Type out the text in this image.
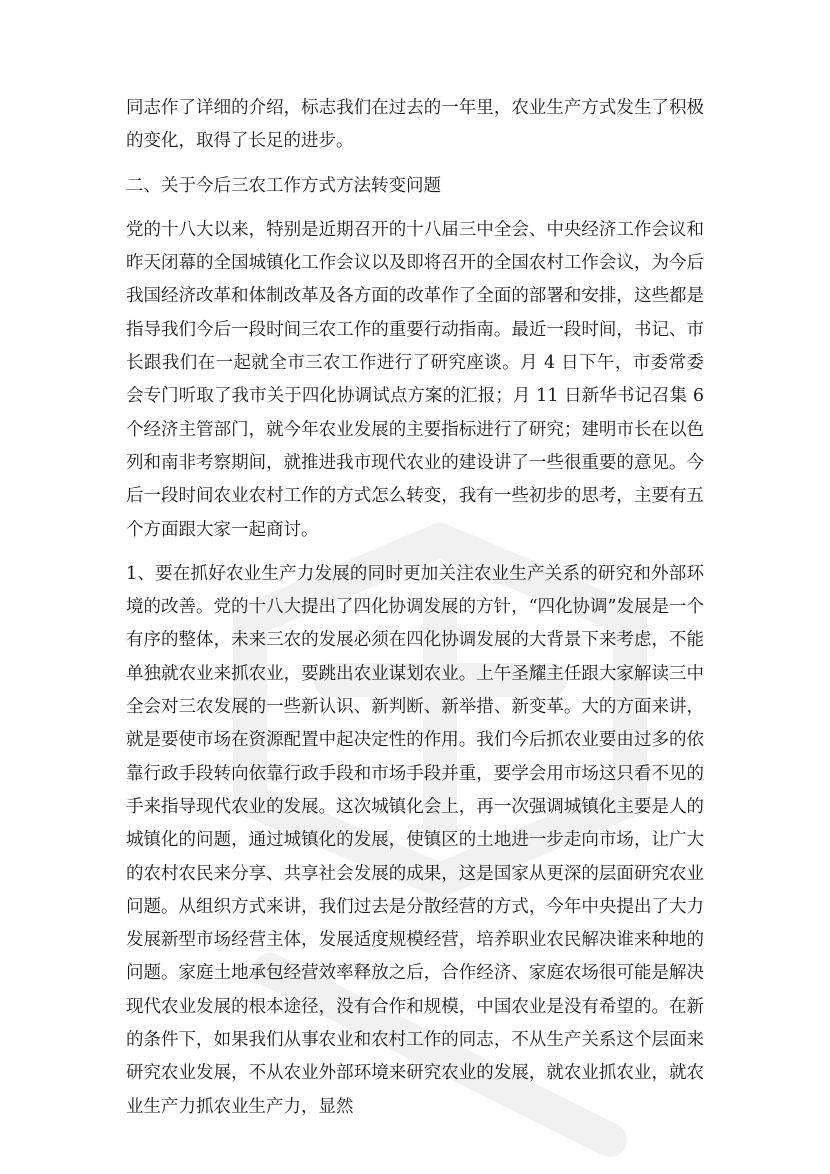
同志作了详细的介绍，标志我们在过去的一年里，农业生产方式发生了积极的变化，取得了长足的进步。

二、关于今后三农工作方式方法转变问题

党的十八大以来，特别是近期召开的十八届三中全会、中央经济工作会议和昨天闭幕的全国城镇化工作会议以及即将召开的全国农村工作会议，为今后我国经济改革和体制改革及各方面的改革作了全面的部署和安排，这些都是指导我们今后一段时间三农工作的重要行动指南。最近一段时间，书记、市长跟我们在一起就全市三农工作进行了研究座谈。月 4 日下午，市委常委会专门听取了我市关于四化协调试点方案的汇报；月 11 日新华书记召集 6 个经济主管部门，就今年农业发展的主要指标进行了研究；建明市长在以色列和南非考察期间，就推进我市现代农业的建设讲了一些很重要的意见。今后一段时间农业农村工作的方式怎么转变，我有一些初步的思考，主要有五个方面跟大家一起商讨。

1、要在抓好农业生产力发展的同时更加关注农业生产关系的研究和外部环境的改善。党的十八大提出了四化协调发展的方针，“四化协调”发展是一个有序的整体，未来三农的发展必须在四化协调发展的大背景下来考虑，不能单独就农业来抓农业，要跳出农业谋划农业。上午圣耀主任跟大家解读三中全会对三农发展的一些新认识、新判断、新举措、新变革。大的方面来讲，就是要使市场在资源配置中起决定性的作用。我们今后抓农业要由过多的依靠行政手段转向依靠行政手段和市场手段并重，要学会用市场这只看不见的手来指导现代农业的发展。这次城镇化会上，再一次强调城镇化主要是人的城镇化的问题，通过城镇化的发展，使镇区的土地进一步走向市场，让广大的农村农民来分享、共享社会发展的成果，这是国家从更深的层面研究农业问题。从组织方式来讲，我们过去是分散经营的方式，今年中央提出了大力发展新型市场经营主体，发展适度规模经营，培养职业农民解决谁来种地的问题。家庭土地承包经营效率释放之后，合作经济、家庭农场很可能是解决现代农业发展的根本途径，没有合作和规模，中国农业是没有希望的。在新的条件下，如果我们从事农业和农村工作的同志，不从生产关系这个层面来研究农业发展，不从农业外部环境来研究农业的发展，就农业抓农业，就农业生产力抓农业生产力，显然
